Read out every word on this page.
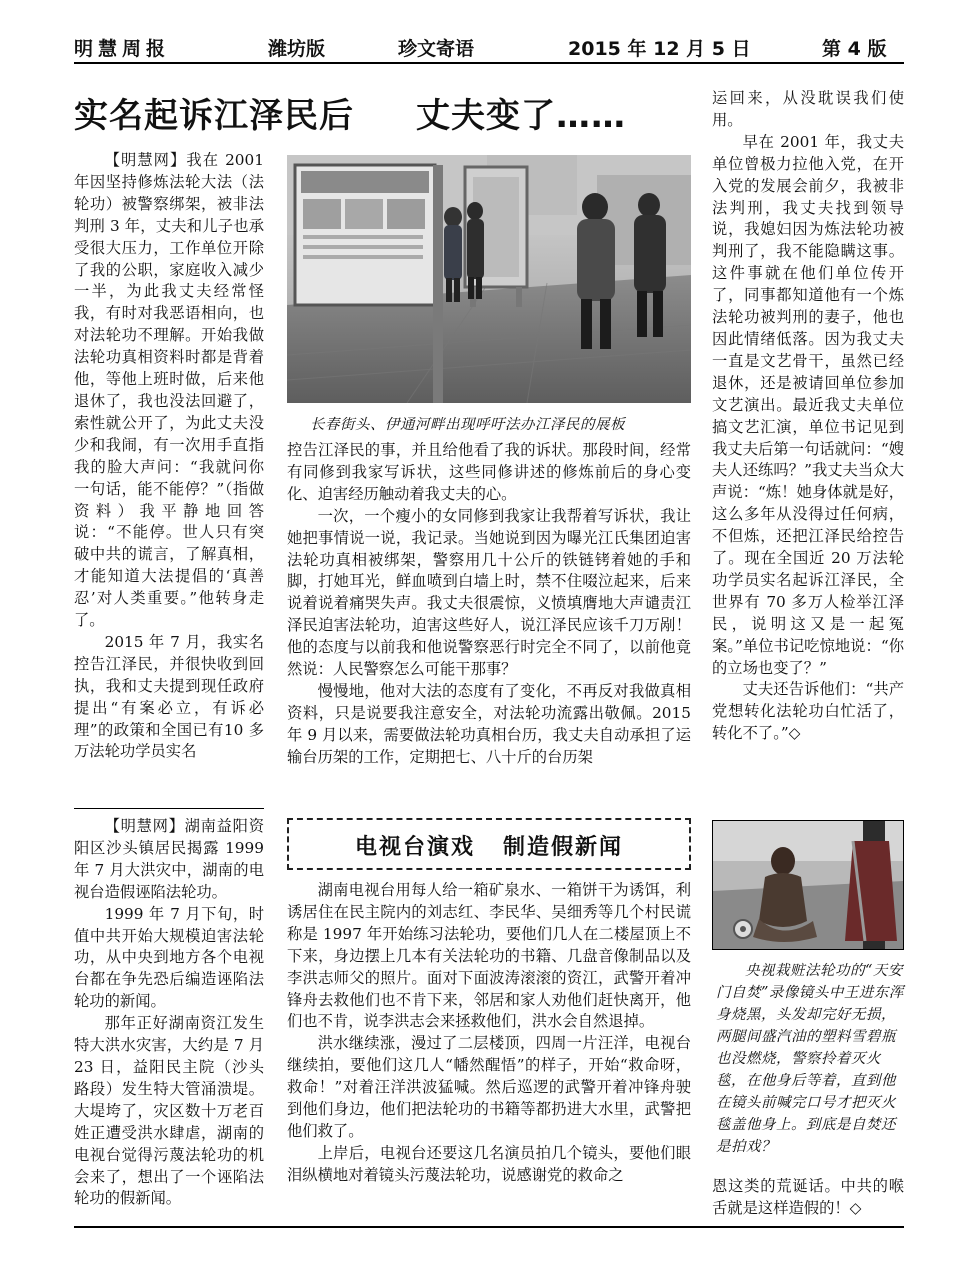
明慧周报	潍坊版	珍文寄语	2015 年 12 月 5 日	第 4 版
实名起诉江泽民后 丈夫变了……

【明慧网】我在 2001 年因坚持修炼法轮大法（法轮功）被警察绑架，被非法判刑 3 年，丈夫和儿子也承受很大压力，工作单位开除了我的公职，家庭收入减少一半，为此我丈夫经常怪我，有时对我恶语相向，也对法轮功不理解。开始我做法轮功真相资料时都是背着他，等他上班时做，后来他退休了，我也没法回避了，索性就公开了，为此丈夫没少和我闹，有一次用手直指我的脸大声问：“我就问你一句话，能不能停？”（指做资料）我平静地回答说：“不能停。世人只有突破中共的谎言，了解真相，才能知道大法提倡的‘真善忍’对人类重要。”他转身走了。

2015 年 7 月，我实名控告江泽民，并很快收到回执，我和丈夫提到现任政府提出“有案必立，有诉必理”的政策和全国已有10 多万法轮功学员实名

长春街头、伊通河畔出现呼吁法办江泽民的展板

控告江泽民的事，并且给他看了我的诉状。那段时间，经常有同修到我家写诉状，这些同修讲述的修炼前后的身心变化、迫害经历触动着我丈夫的心。

一次，一个瘦小的女同修到我家让我帮着写诉状，我让她把事情说一说，我记录。当她说到因为曝光江氏集团迫害法轮功真相被绑架，警察用几十公斤的铁链铐着她的手和脚，打她耳光，鲜血喷到白墙上时，禁不住啜泣起来，后来说着说着痛哭失声。我丈夫很震惊，义愤填膺地大声谴责江泽民迫害法轮功，迫害这些好人，说江泽民应该千刀万剐！他的态度与以前我和他说警察恶行时完全不同了，以前他竟然说：人民警察怎么可能干那事？

慢慢地，他对大法的态度有了变化，不再反对我做真相资料，只是说要我注意安全，对法轮功流露出敬佩。2015 年 9 月以来，需要做法轮功真相台历，我丈夫自动承担了运输台历架的工作，定期把七、八十斤的台历架

运回来，从没耽误我们使用。

早在 2001 年，我丈夫单位曾极力拉他入党，在开入党的发展会前夕，我被非法判刑，我丈夫找到领导说，我媳妇因为炼法轮功被判刑了，我不能隐瞒这事。这件事就在他们单位传开了，同事都知道他有一个炼法轮功被判刑的妻子，他也因此情绪低落。因为我丈夫一直是文艺骨干，虽然已经退休，还是被请回单位参加文艺演出。最近我丈夫单位搞文艺汇演，单位书记见到我丈夫后第一句话就问：“嫂夫人还练吗？”我丈夫当众大声说：“炼！她身体就是好，这么多年从没得过任何病，不但炼，还把江泽民给控告了。现在全国近 20 万法轮功学员实名起诉江泽民，全世界有 70 多万人检举江泽民，说明这又是一起冤案。”单位书记吃惊地说：“你的立场也变了？”

丈夫还告诉他们：“共产党想转化法轮功白忙活了，转化不了。”◇

【明慧网】湖南益阳资阳区沙头镇居民揭露 1999 年 7 月大洪灾中，湖南的电视台造假诬陷法轮功。

1999 年 7 月下旬，时值中共开始大规模迫害法轮功，从中央到地方各个电视台都在争先恐后编造诬陷法轮功的新闻。

那年正好湖南资江发生特大洪水灾害，大约是 7 月 23 日，益阳民主院（沙头路段）发生特大管涌溃堤。大堤垮了，灾区数十万老百姓正遭受洪水肆虐，湖南的电视台觉得污蔑法轮功的机会来了，想出了一个诬陷法轮功的假新闻。

电视台演戏 制造假新闻

湖南电视台用每人给一箱矿泉水、一箱饼干为诱饵，利诱居住在民主院内的刘志红、李民华、吴细秀等几个村民谎称是 1997 年开始练习法轮功，要他们几人在二楼屋顶上不下来，身边摆上几本有关法轮功的书籍、几盘音像制品以及李洪志师父的照片。面对下面波涛滚滚的资江，武警开着冲锋舟去救他们也不肯下来，邻居和家人劝他们赶快离开，他们也不肯，说李洪志会来拯救他们，洪水会自然退掉。

洪水继续涨，漫过了二层楼顶，四周一片汪洋，电视台继续拍，要他们这几人“幡然醒悟”的样子，开始“救命呀，救命！”对着汪洋洪波猛喊。然后巡逻的武警开着冲锋舟驶到他们身边，他们把法轮功的书籍等都扔进大水里，武警把他们救了。

上岸后，电视台还要这几名演员拍几个镜头，要他们眼泪纵横地对着镜头污蔑法轮功，说感谢党的救命之

央视栽赃法轮功的“天安门自焚”录像镜头中王进东浑身烧黑，头发却完好无损，两腿间盛汽油的塑料雪碧瓶也没燃烧，警察拎着灭火毯，在他身后等着，直到他在镜头前喊完口号才把灭火毯盖他身上。到底是自焚还是拍戏？

恩这类的荒诞话。中共的喉舌就是这样造假的！◇
